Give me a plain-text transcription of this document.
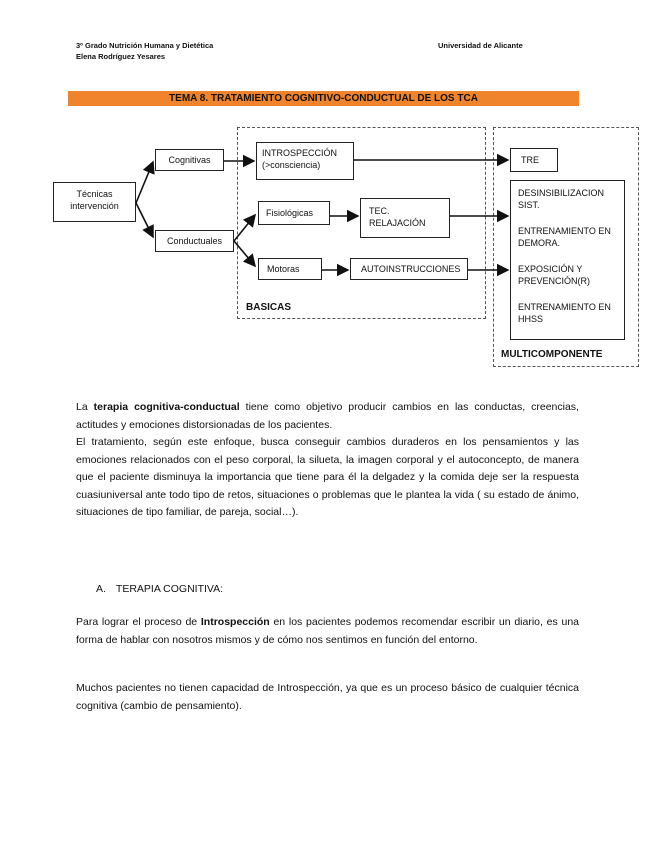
3º Grado Nutrición Humana y Dietética
Elena Rodríguez Yesares
Universidad de Alicante
TEMA 8. TRATAMIENTO COGNITIVO-CONDUCTUAL DE LOS TCA
BASICAS
MULTICOMPONENTE
Técnicas intervención
Cognitivas
Conductuales
INTROSPECCIÓN (>consciencia)
Fisiológicas	TEC. RELAJACIÓN
Motoras	AUTOINSTRUCCIONES
TRE
DESINSIBILIZACION SIST.
ENTRENAMIENTO EN DEMORA.
EXPOSICIÓN Y PREVENCIÓN(R)
ENTRENAMIENTO EN HHSS
La terapia cognitiva-conductual tiene como objetivo producir cambios en las conductas, creencias, actitudes y emociones distorsionadas de los pacientes.
El tratamiento, según este enfoque, busca conseguir cambios duraderos en los pensamientos y las emociones relacionados con el peso corporal, la silueta, la imagen corporal y el autoconcepto, de manera que el paciente disminuya la importancia que tiene para él la delgadez y la comida deje ser la respuesta cuasiuniversal ante todo tipo de retos, situaciones o problemas que le plantea la vida ( su estado de ánimo, situaciones de tipo familiar, de pareja, social…).
A. TERAPIA COGNITIVA:
Para lograr el proceso de Introspección en los pacientes podemos recomendar escribir un diario, es una forma de hablar con nosotros mismos y de cómo nos sentimos en función del entorno.
Muchos pacientes no tienen capacidad de Introspección, ya que es un proceso básico de cualquier técnica cognitiva (cambio de pensamiento).
